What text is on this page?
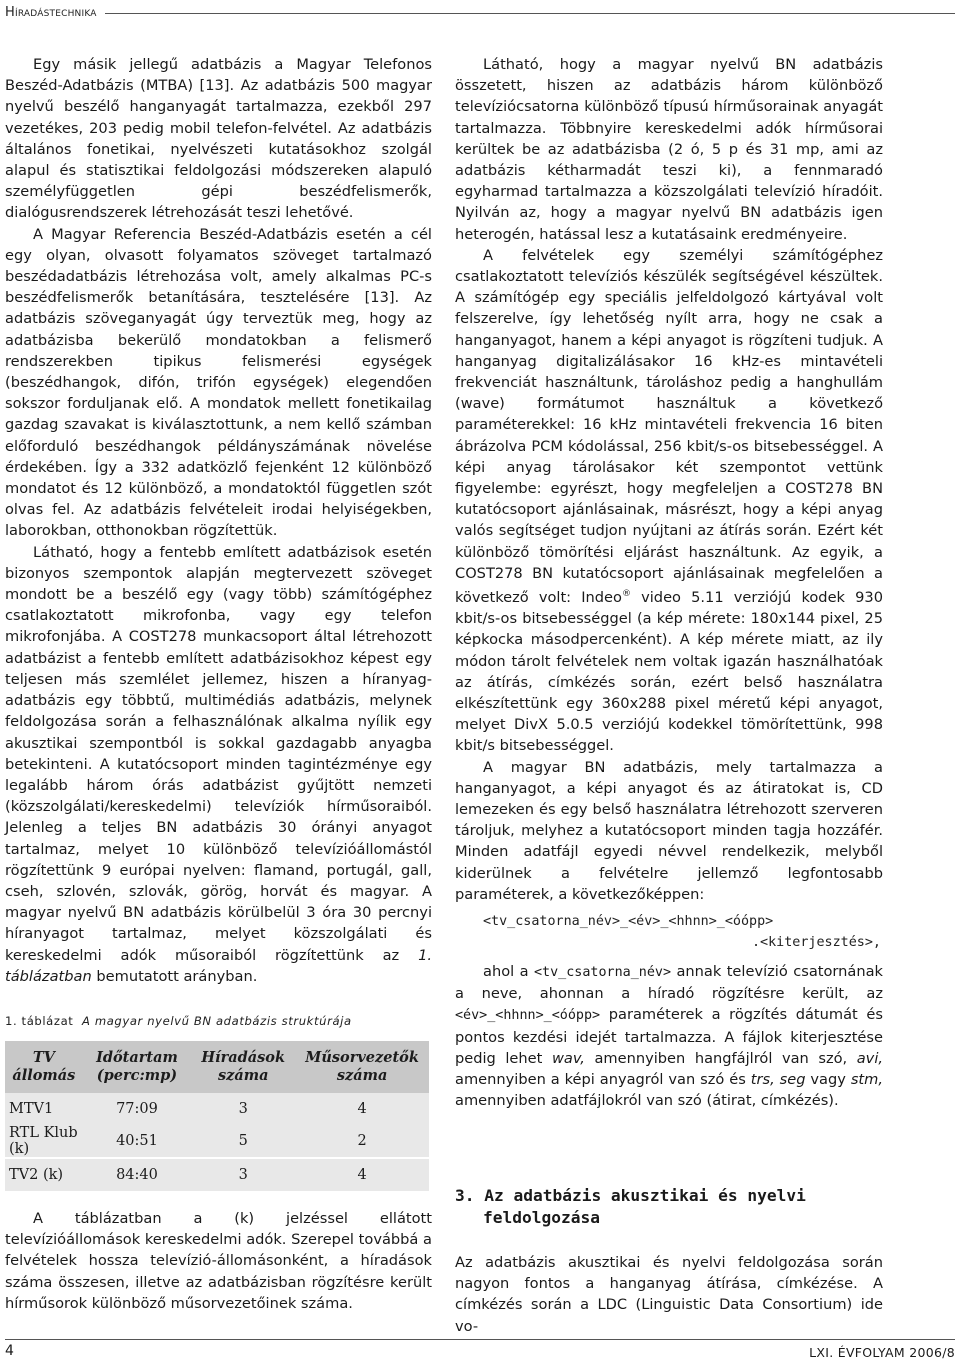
Híradástechnika

Egy másik jellegű adatbázis a Magyar Telefonos Beszéd-Adatbázis (MTBA) [13]. Az adatbázis 500 magyar nyelvű beszélő hanganyagát tartalmazza, ezekből 297 vezetékes, 203 pedig mobil telefon-felvétel. Az adatbázis általános fonetikai, nyelvészeti kutatásokhoz szolgál alapul és statisztikai feldolgozási módszereken alapuló személyfüggetlen gépi beszédfelismerők, dialógusrendszerek létrehozását teszi lehetővé.

A Magyar Referencia Beszéd-Adatbázis esetén a cél egy olyan, olvasott folyamatos szöveget tartalmazó beszédadatbázis létrehozása volt, amely alkalmas PC-s beszédfelismerők betanítására, tesztelésére [13]. Az adatbázis szöveganyagát úgy terveztük meg, hogy az adatbázisba bekerülő mondatokban a felismerő rendszerekben tipikus felismerési egységek (beszédhangok, difón, trifón egységek) elegendően sokszor forduljanak elő. A mondatok mellett fonetikailag gazdag szavakat is kiválasztottunk, a nem kellő számban előforduló beszédhangok példányszámának növelése érdekében. Így a 332 adatközlő fejenként 12 különböző mondatot és 12 különböző, a mondatoktól független szót olvas fel. Az adatbázis felvételeit irodai helyiségekben, laborokban, otthonokban rögzítettük.

Látható, hogy a fentebb említett adatbázisok esetén bizonyos szempontok alapján megtervezett szöveget mondott be a beszélő egy (vagy több) számítógéphez csatlakoztatott mikrofonba, vagy egy telefon mikrofonjába. A COST278 munkacsoport által létrehozott adatbázist a fentebb említett adatbázisokhoz képest egy teljesen más szemlélet jellemez, hiszen a híranyag-adatbázis egy többtű, multimédiás adatbázis, melynek feldolgozása során a felhasználónak alkalma nyílik egy akusztikai szempontból is sokkal gazdagabb anyagba betekinteni. A kutatócsoport minden tagintézménye egy legalább három órás adatbázist gyűjtött nemzeti (közszolgálati/kereskedelmi) televíziók hírműsoraiból. Jelenleg a teljes BN adatbázis 30 órányi anyagot tartalmaz, melyet 10 különböző televízióállomástól rögzítettünk 9 európai nyelven: flamand, portugál, gall, cseh, szlovén, szlovák, görög, horvát és magyar. A magyar nyelvű BN adatbázis körülbelül 3 óra 30 percnyi híranyagot tartalmaz, melyet közszolgálati és kereskedelmi adók műsoraiból rögzítettünk az 1. táblázatban bemutatott arányban.

1. táblázat A magyar nyelvű BN adatbázis struktúrája
TV állomás	Időtartam (perc:mp)	Híradások száma	Műsorvezetők száma
MTV1	77:09	3	4
RTL Klub (k)	40:51	5	2
TV2 (k)	84:40	3	4

A táblázatban a (k) jelzéssel ellátott televízióállomások kereskedelmi adók. Szerepel továbbá a felvételek hossza televízió-állomásonként, a híradások száma összesen, illetve az adatbázisban rögzítésre került hírműsorok különböző műsorvezetőinek száma.

Látható, hogy a magyar nyelvű BN adatbázis összetett, hiszen az adatbázis három különböző televíziócsatorna különböző típusú hírműsorainak anyagát tartalmazza. Többnyire kereskedelmi adók hírműsorai kerültek be az adatbázisba (2 ó, 5 p és 31 mp, ami az adatbázis kétharmadát teszi ki), a fennmaradó egyharmad tartalmazza a közszolgálati televízió híradóit. Nyilván az, hogy a magyar nyelvű BN adatbázis igen heterogén, hatással lesz a kutatásaink eredményeire.

A felvételek egy személyi számítógéphez csatlakoztatott televíziós készülék segítségével készültek. A számítógép egy speciális jelfeldolgozó kártyával volt felszerelve, így lehetőség nyílt arra, hogy ne csak a hanganyagot, hanem a képi anyagot is rögzíteni tudjuk. A hanganyag digitalizálásakor 16 kHz-es mintavételi frekvenciát használtunk, tároláshoz pedig a hanghullám (wave) formátumot használtuk a következő paraméterekkel: 16 kHz mintavételi frekvencia 16 biten ábrázolva PCM kódolással, 256 kbit/s-os bitsebességgel. A képi anyag tárolásakor két szempontot vettünk figyelembe: egyrészt, hogy megfeleljen a COST278 BN kutatócsoport ajánlásainak, másrészt, hogy a képi anyag valós segítséget tudjon nyújtani az átírás során. Ezért két különböző tömörítési eljárást használtunk. Az egyik, a COST278 BN kutatócsoport ajánlásainak megfelelően a következő volt: Indeo® video 5.11 verziójú kodek 930 kbit/s-os bitsebességgel (a kép mérete: 180x144 pixel, 25 képkocka másodpercenként). A kép mérete miatt, az ily módon tárolt felvételek nem voltak igazán használhatóak az átírás, címkézés során, ezért belső használatra elkészítettünk egy 360x288 pixel méretű képi anyagot, melyet DivX 5.0.5 verziójú kodekkel tömörítettünk, 998 kbit/s bitsebességgel.

A magyar BN adatbázis, mely tartalmazza a hanganyagot, a képi anyagot és az átiratokat is, CD lemezeken és egy belső használatra létrehozott szerveren tároljuk, melyhez a kutatócsoport minden tagja hozzáfér. Minden adatfájl egyedi névvel rendelkezik, melyből kiderülnek a felvételre jellemző legfontosabb paraméterek, a következőképpen:

<tv_csatorna_név>_<év>_<hhnn>_<óópp>
.<kiterjesztés>,

ahol a <tv_csatorna_név> annak televízió csatornának a neve, ahonnan a híradó rögzítésre került, az <év>_<hhnn>_<óópp> paraméterek a rögzítés dátumát és pontos kezdési idejét tartalmazza. A fájlok kiterjesztése pedig lehet wav, amennyiben hangfájlról van szó, avi, amennyiben a képi anyagról van szó és trs, seg vagy stm, amennyiben adatfájlokról van szó (átirat, címkézés).

3. Az adatbázis akusztikai és nyelvi feldolgozása

Az adatbázis akusztikai és nyelvi feldolgozása során nagyon fontos a hanganyag átírása, címkézése. A címkézés során a LDC (Linguistic Data Consortium) ide vo-

4	LXI. ÉVFOLYAM 2006/8
